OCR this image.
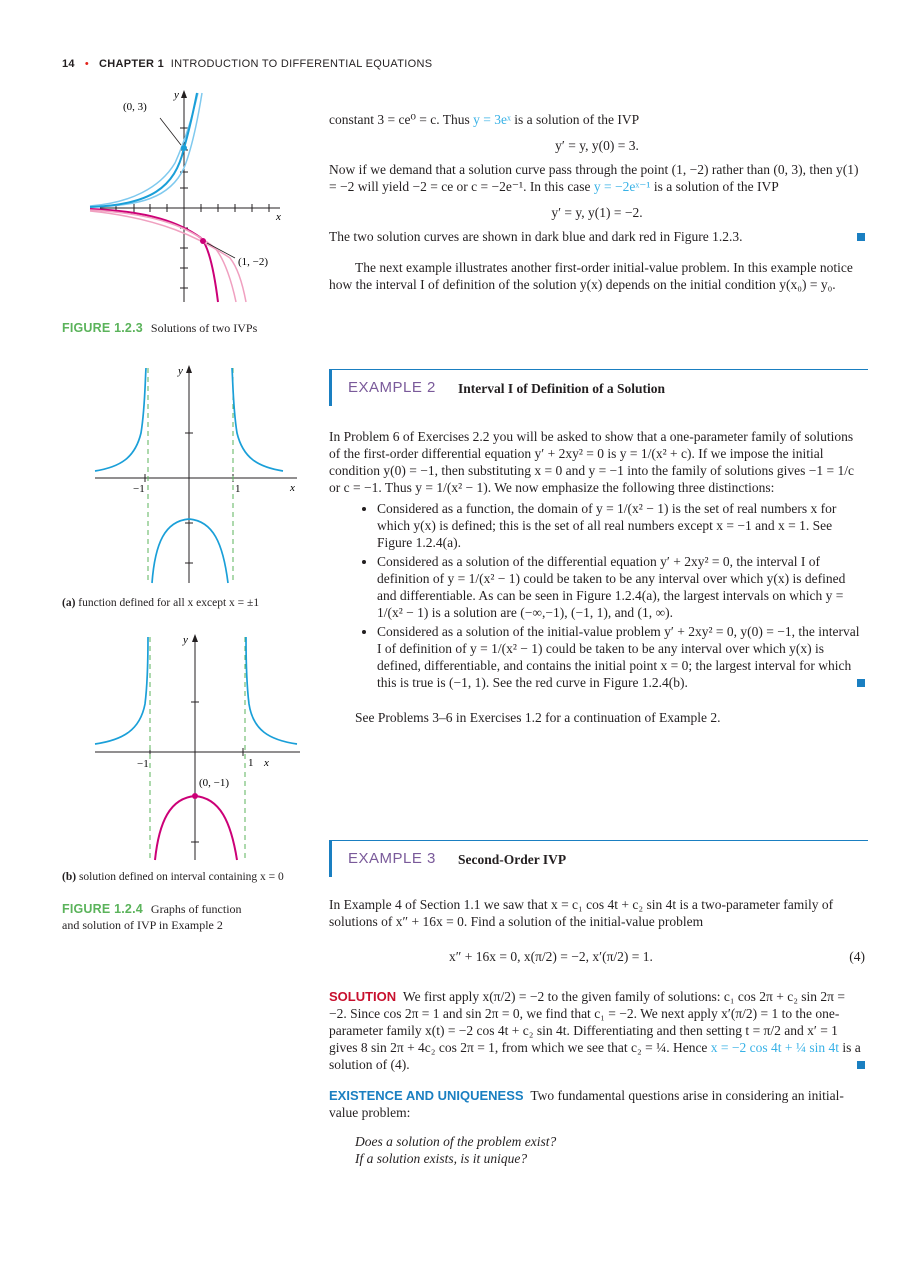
14 • CHAPTER 1 INTRODUCTION TO DIFFERENTIAL EQUATIONS
(0, 3)
(1, −2)
x
y
FIGURE 1.2.3 Solutions of two IVPs
−1	1	x
y
(a) function defined for all x except x = ±1
−1	1 x
y
(0, −1)
(b) solution defined on interval containing x = 0
FIGURE 1.2.4 Graphs of function
and solution of IVP in Example 2

constant 3 = ce⁰ = c. Thus y = 3eˣ is a solution of the IVP

y′ = y, y(0) = 3.

Now if we demand that a solution curve pass through the point (1, −2) rather than (0, 3), then y(1) = −2 will yield −2 = ce or c = −2e⁻¹. In this case y = −2eˣ⁻¹ is a solution of the IVP

y′ = y, y(1) = −2.

The two solution curves are shown in dark blue and dark red in Figure 1.2.3.

The next example illustrates another first-order initial-value problem. In this example notice how the interval I of definition of the solution y(x) depends on the initial condition y(x₀) = y₀.

EXAMPLE 2 Interval I of Definition of a Solution

In Problem 6 of Exercises 2.2 you will be asked to show that a one-parameter family of solutions of the first-order differential equation y′ + 2xy² = 0 is y = 1/(x² + c). If we impose the initial condition y(0) = −1, then substituting x = 0 and y = −1 into the family of solutions gives −1 = 1/c or c = −1. Thus y = 1/(x² − 1). We now emphasize the following three distinctions:

• Considered as a function, the domain of y = 1/(x² − 1) is the set of real numbers x for which y(x) is defined; this is the set of all real numbers except x = −1 and x = 1. See Figure 1.2.4(a).
• Considered as a solution of the differential equation y′ + 2xy² = 0, the interval I of definition of y = 1/(x² − 1) could be taken to be any interval over which y(x) is defined and differentiable. As can be seen in Figure 1.2.4(a), the largest intervals on which y = 1/(x² − 1) is a solution are (−∞,−1), (−1, 1), and (1, ∞).
• Considered as a solution of the initial-value problem y′ + 2xy² = 0, y(0) = −1, the interval I of definition of y = 1/(x² − 1) could be taken to be any interval over which y(x) is defined, differentiable, and contains the initial point x = 0; the largest interval for which this is true is (−1, 1). See the red curve in Figure 1.2.4(b).

See Problems 3–6 in Exercises 1.2 for a continuation of Example 2.

EXAMPLE 3 Second-Order IVP

In Example 4 of Section 1.1 we saw that x = c₁ cos 4t + c₂ sin 4t is a two-parameter family of solutions of x″ + 16x = 0. Find a solution of the initial-value problem

x″ + 16x = 0, x(π/2) = −2, x′(π/2) = 1.	(4)

SOLUTION We first apply x(π/2) = −2 to the given family of solutions: c₁ cos 2π + c₂ sin 2π = −2. Since cos 2π = 1 and sin 2π = 0, we find that c₁ = −2. We next apply x′(π/2) = 1 to the one-parameter family x(t) = −2 cos 4t + c₂ sin 4t. Differentiating and then setting t = π/2 and x′ = 1 gives 8 sin 2π + 4c₂ cos 2π = 1, from which we see that c₂ = ¼. Hence x = −2 cos 4t + ¼ sin 4t is a solution of (4).

EXISTENCE AND UNIQUENESS Two fundamental questions arise in considering an initial-value problem:

Does a solution of the problem exist?

If a solution exists, is it unique?
